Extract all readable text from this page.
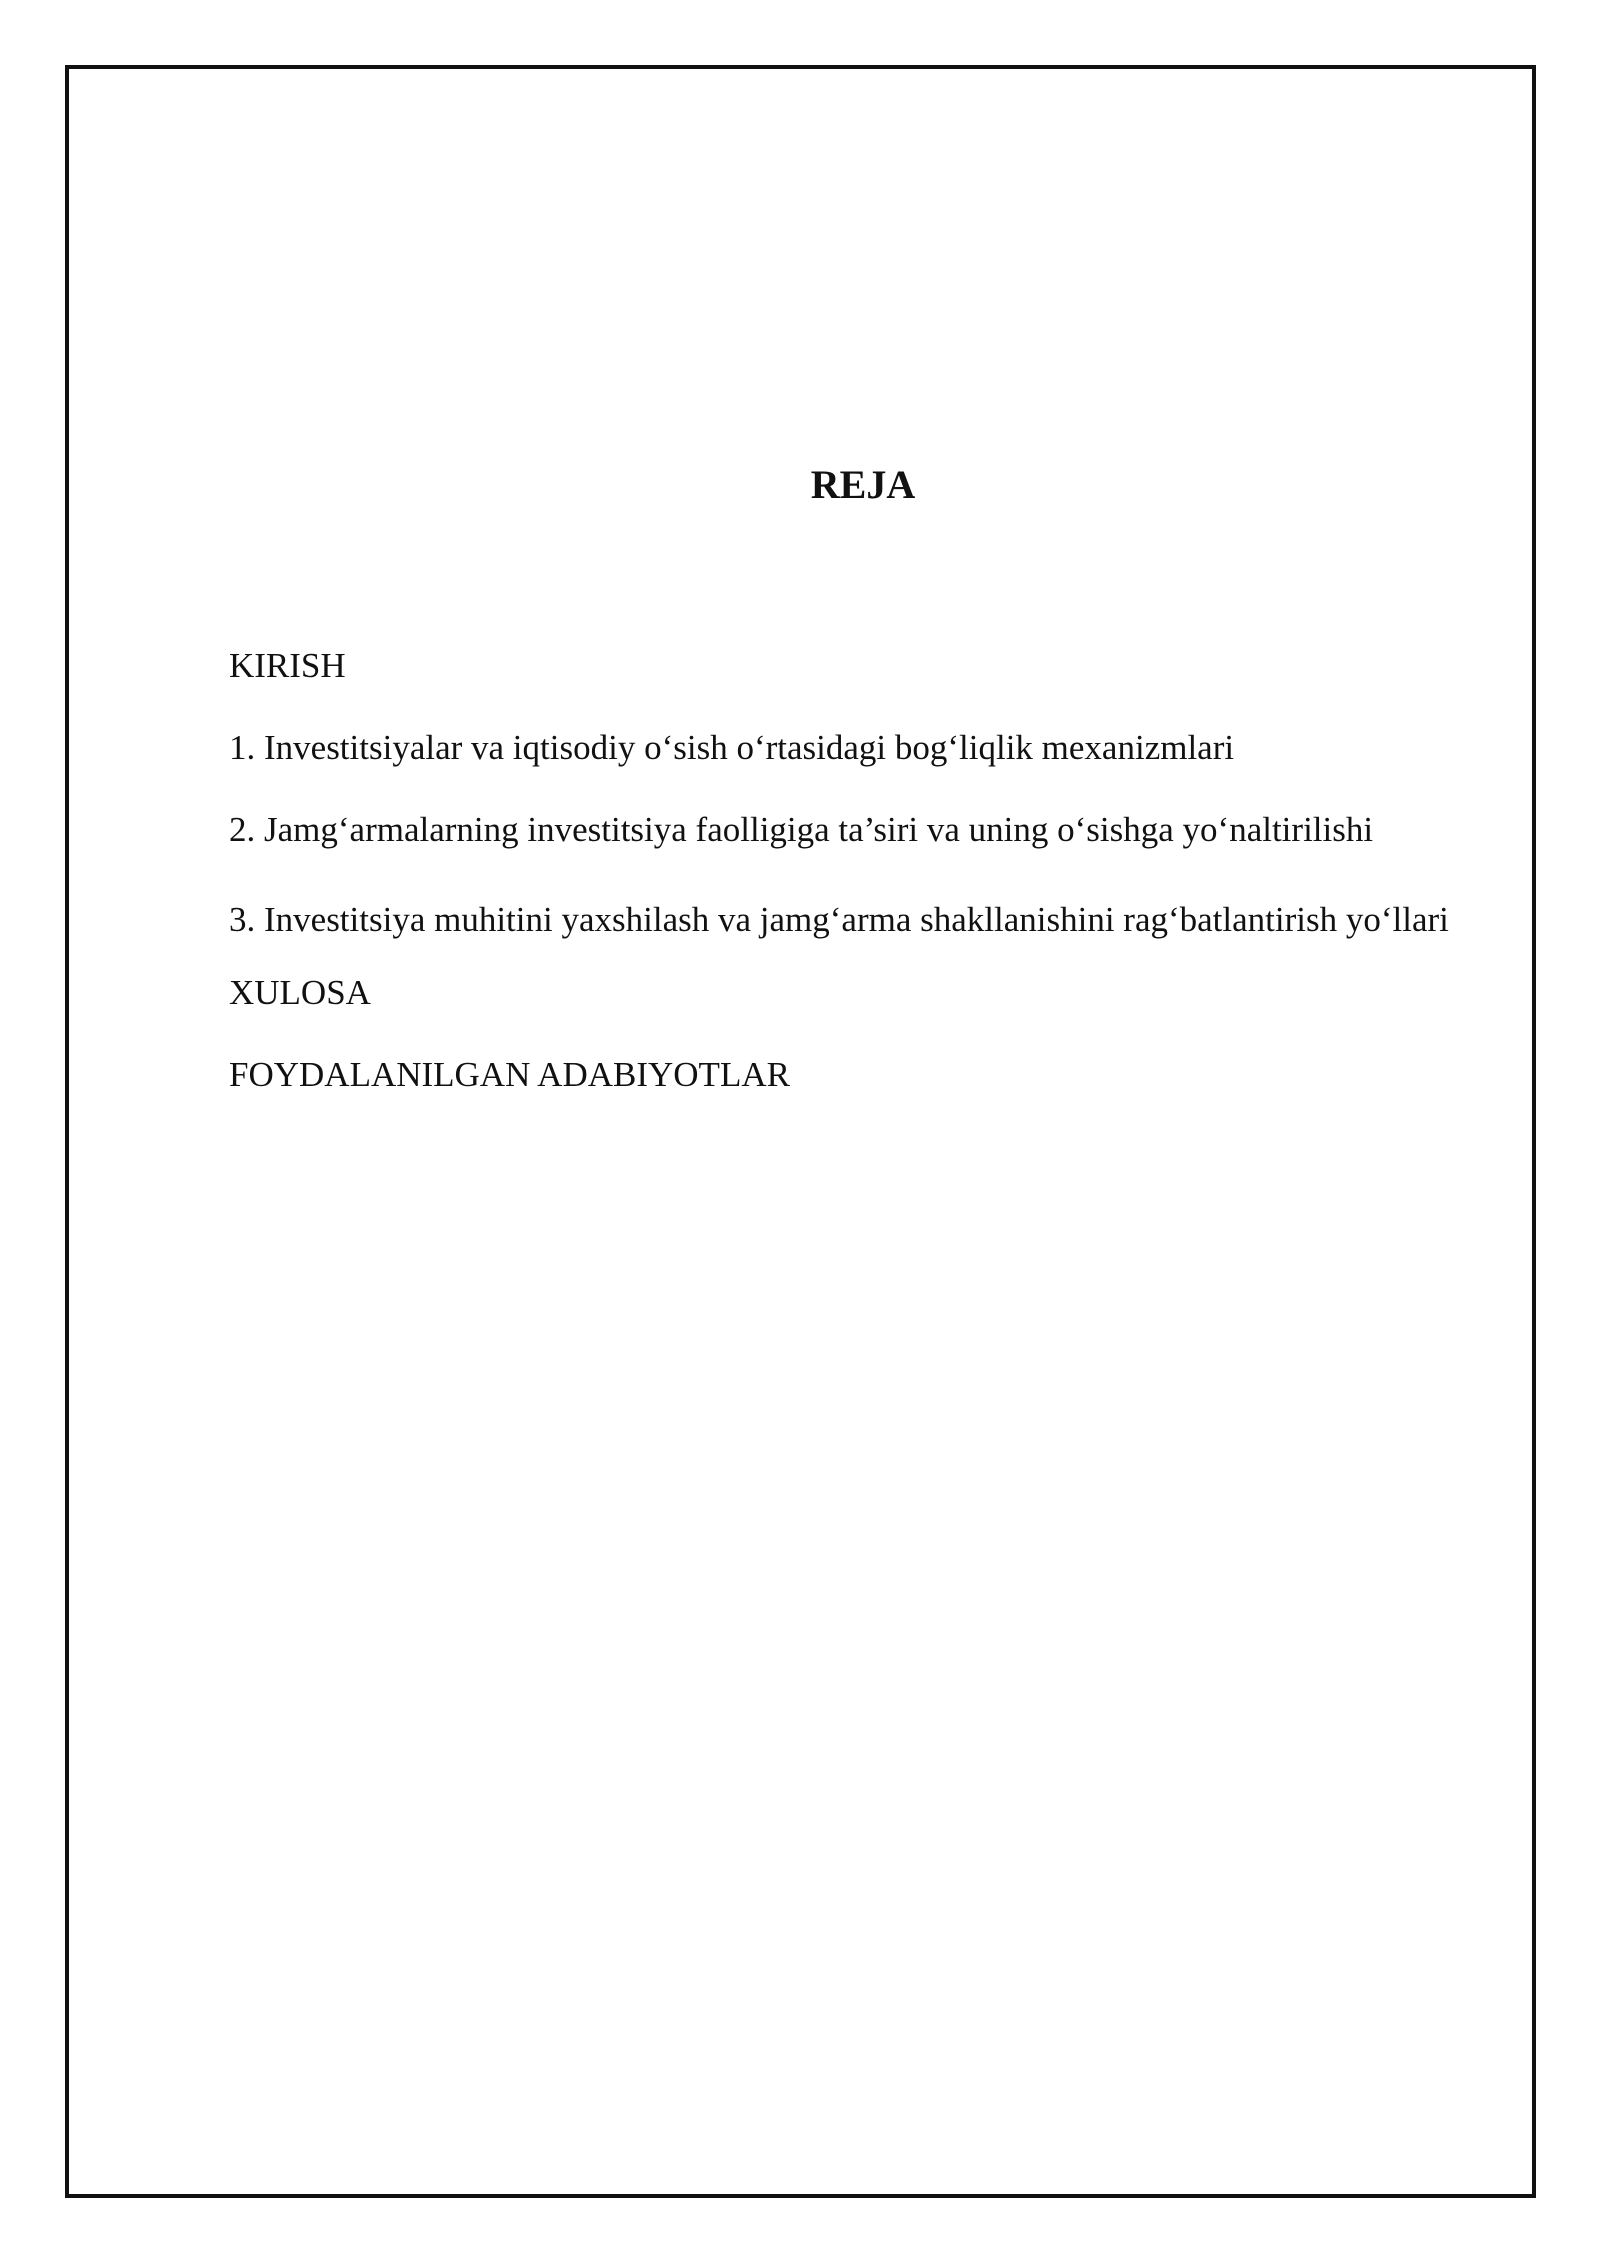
REJA
KIRISH
1. Investitsiyalar va iqtisodiy o‘sish o‘rtasidagi bog‘liqlik mexanizmlari
2. Jamg‘armalarning investitsiya faolligiga ta’siri va uning o‘sishga yo‘naltirilishi
3. Investitsiya muhitini yaxshilash va jamg‘arma shakllanishini rag‘batlantirish yo‘llari
XULOSA
FOYDALANILGAN ADABIYOTLAR
